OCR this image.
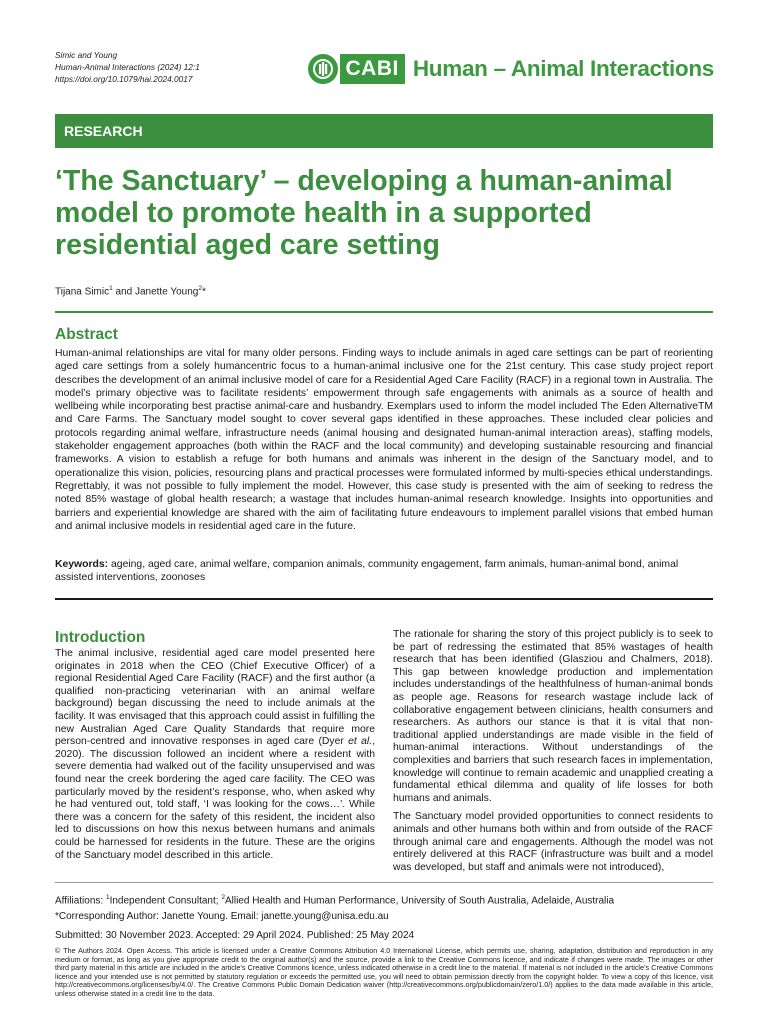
Simic and Young
Human-Animal Interactions (2024) 12:1
https://doi.org/10.1079/hai.2024.0017	CABI Human – Animal Interactions
RESEARCH
‘The Sanctuary’ – developing a human-animal model to promote health in a supported residential aged care setting
Tijana Simic$^1$ and Janette Young$^2$*
Abstract

Human-animal relationships are vital for many older persons. Finding ways to include animals in aged care settings can be part of reorienting aged care settings from a solely humancentric focus to a human-animal inclusive one for the 21st century. This case study project report describes the development of an animal inclusive model of care for a Residential Aged Care Facility (RACF) in a regional town in Australia. The model’s primary objective was to facilitate residents’ empowerment through safe engagements with animals as a source of health and wellbeing while incorporating best practise animal-care and husbandry. Exemplars used to inform the model included The Eden AlternativeTM and Care Farms. The Sanctuary model sought to cover several gaps identified in these approaches. These included clear policies and protocols regarding animal welfare, infrastructure needs (animal housing and designated human-animal interaction areas), staffing models, stakeholder engagement approaches (both within the RACF and the local community) and developing sustainable resourcing and financial frameworks. A vision to establish a refuge for both humans and animals was inherent in the design of the Sanctuary model, and to operationalize this vision, policies, resourcing plans and practical processes were formulated informed by multi-species ethical understandings. Regrettably, it was not possible to fully implement the model. However, this case study is presented with the aim of seeking to redress the noted 85% wastage of global health research; a wastage that includes human-animal research knowledge. Insights into opportunities and barriers and experiential knowledge are shared with the aim of facilitating future endeavours to implement parallel visions that embed human and animal inclusive models in residential aged care in the future.

Keywords: ageing, aged care, animal welfare, companion animals, community engagement, farm animals, human-animal bond, animal assisted interventions, zoonoses
Introduction

The animal inclusive, residential aged care model presented here originates in 2018 when the CEO (Chief Executive Officer) of a regional Residential Aged Care Facility (RACF) and the first author (a qualified non-practicing veterinarian with an animal welfare background) began discussing the need to include animals at the facility. It was envisaged that this approach could assist in fulfilling the new Australian Aged Care Quality Standards that require more person-centred and innovative responses in aged care (Dyer et al., 2020). The discussion followed an incident where a resident with severe dementia had walked out of the facility unsupervised and was found near the creek bordering the aged care facility. The CEO was particularly moved by the resident’s response, who, when asked why he had ventured out, told staff, ‘I was looking for the cows…’. While there was a concern for the safety of this resident, the incident also led to discussions on how this nexus between humans and animals could be harnessed for residents in the future. These are the origins of the Sanctuary model described in this article.

The rationale for sharing the story of this project publicly is to seek to be part of redressing the estimated that 85% wastages of health research that has been identified (Glasziou and Chalmers, 2018). This gap between knowledge production and implementation includes understandings of the healthfulness of human-animal bonds as people age. Reasons for research wastage include lack of collaborative engagement between clinicians, health consumers and researchers. As authors our stance is that it is vital that non-traditional applied understandings are made visible in the field of human-animal interactions. Without understandings of the complexities and barriers that such research faces in implementation, knowledge will continue to remain academic and unapplied creating a fundamental ethical dilemma and quality of life losses for both humans and animals.

The Sanctuary model provided opportunities to connect residents to animals and other humans both within and from outside of the RACF through animal care and engagements. Although the model was not entirely delivered at this RACF (infrastructure was built and a model was developed, but staff and animals were not introduced),

Affiliations: $^1$Independent Consultant; $^2$Allied Health and Human Performance, University of South Australia, Adelaide, Australia
*Corresponding Author: Janette Young. Email: janette.young@unisa.edu.au
Submitted: 30 November 2023. Accepted: 29 April 2024. Published: 25 May 2024

© The Authors 2024. Open Access. This article is licensed under a Creative Commons Attribution 4.0 International License, which permits use, sharing, adaptation, distribution and reproduction in any medium or format, as long as you give appropriate credit to the original author(s) and the source, provide a link to the Creative Commons licence, and indicate if changes were made. The images or other third party material in this article are included in the article’s Creative Commons licence, unless indicated otherwise in a credit line to the material. If material is not included in the article’s Creative Commons licence and your intended use is not permitted by statutory regulation or exceeds the permitted use, you will need to obtain permission directly from the copyright holder. To view a copy of this licence, visit http://creativecommons.org/licenses/by/4.0/. The Creative Commons Public Domain Dedication waiver (http://creativecommons.org/publicdomain/zero/1.0/) applies to the data made available in this article, unless otherwise stated in a credit line to the data.
